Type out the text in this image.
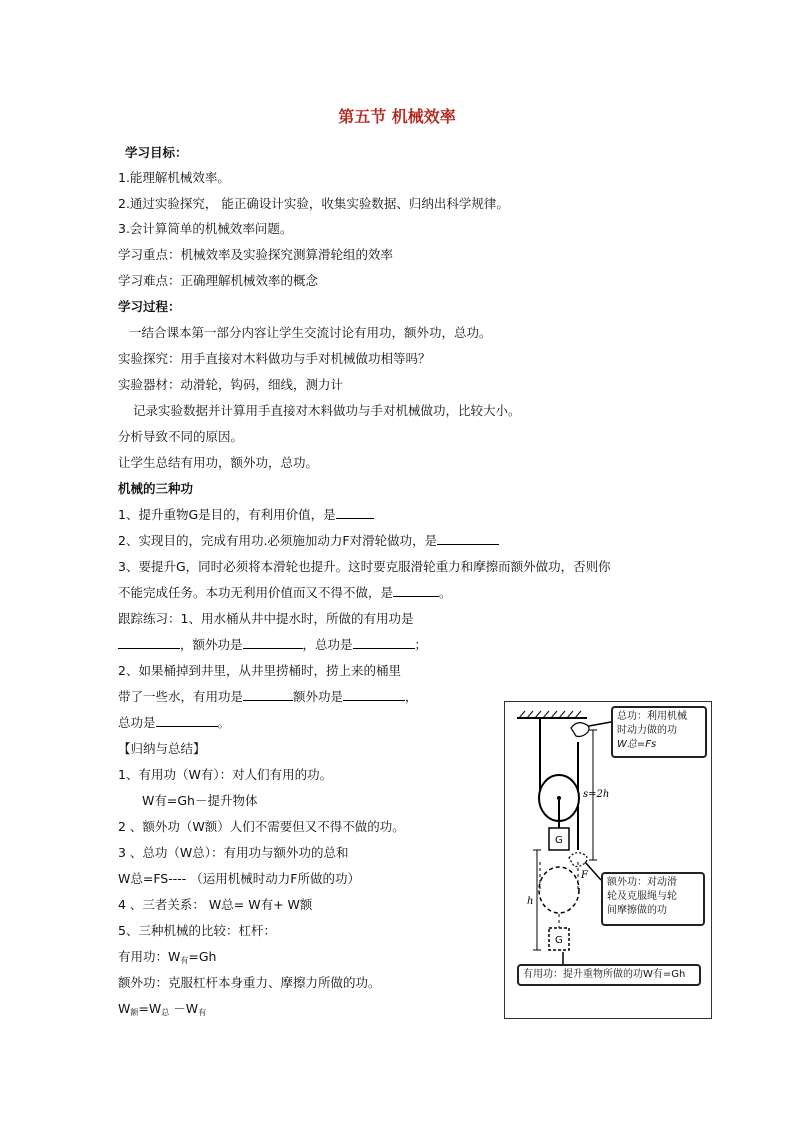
第五节 机械效率
学习目标：
1.能理解机械效率。
2.通过实验探究， 能正确设计实验，收集实验数据、归纳出科学规律。
3.会计算简单的机械效率问题。
学习重点：机械效率及实验探究测算滑轮组的效率
学习难点：正确理解机械效率的概念
学习过程：
一结合课本第一部分内容让学生交流讨论有用功，额外功，总功。
实验探究：用手直接对木料做功与手对机械做功相等吗？
实验器材：动滑轮，钩码，细线，测力计
记录实验数据并计算用手直接对木料做功与手对机械做功，比较大小。
分析导致不同的原因。
让学生总结有用功，额外功，总功。
机械的三种功
1、提升重物G是目的，有利用价值，是
2、实现目的，完成有用功.必须施加动力F对滑轮做功，是
3、要提升G，同时必须将本滑轮也提升。这时要克服滑轮重力和摩擦而额外做功，否则你
不能完成任务。本功无利用价值而又不得不做，是	。
跟踪练习：1、用水桶从井中提水时，所做的有用功是
，额外功是	，总功是	；
2、如果桶掉到井里，从井里捞桶时，捞上来的桶里
带了一些水，有用功是	额外功是	，
总功是	。
【归纳与总结】
1、有用功（W有）：对人们有用的功。
W有=Gh－提升物体
2 、额外功（W额）人们不需要但又不得不做的功。
3 、总功（W总）：有用功与额外功的总和
W总=FS---- （运用机械时动力F所做的功）
4 、三者关系： W总= W有+ W额
5、三种机械的比较：杠杆：
有用功：$W_有=Gh$
额外功：克服杠杆本身重力、摩擦力所做的功。
$W_额=W_总 -W_有$
s=2h
h
G
G
F
总功：利用机械
时动力做的功
W总=Fs
额外功：对动滑
轮及克服绳与轮
间摩擦做的功
有用功：提升重物所做的功W有=Gh
